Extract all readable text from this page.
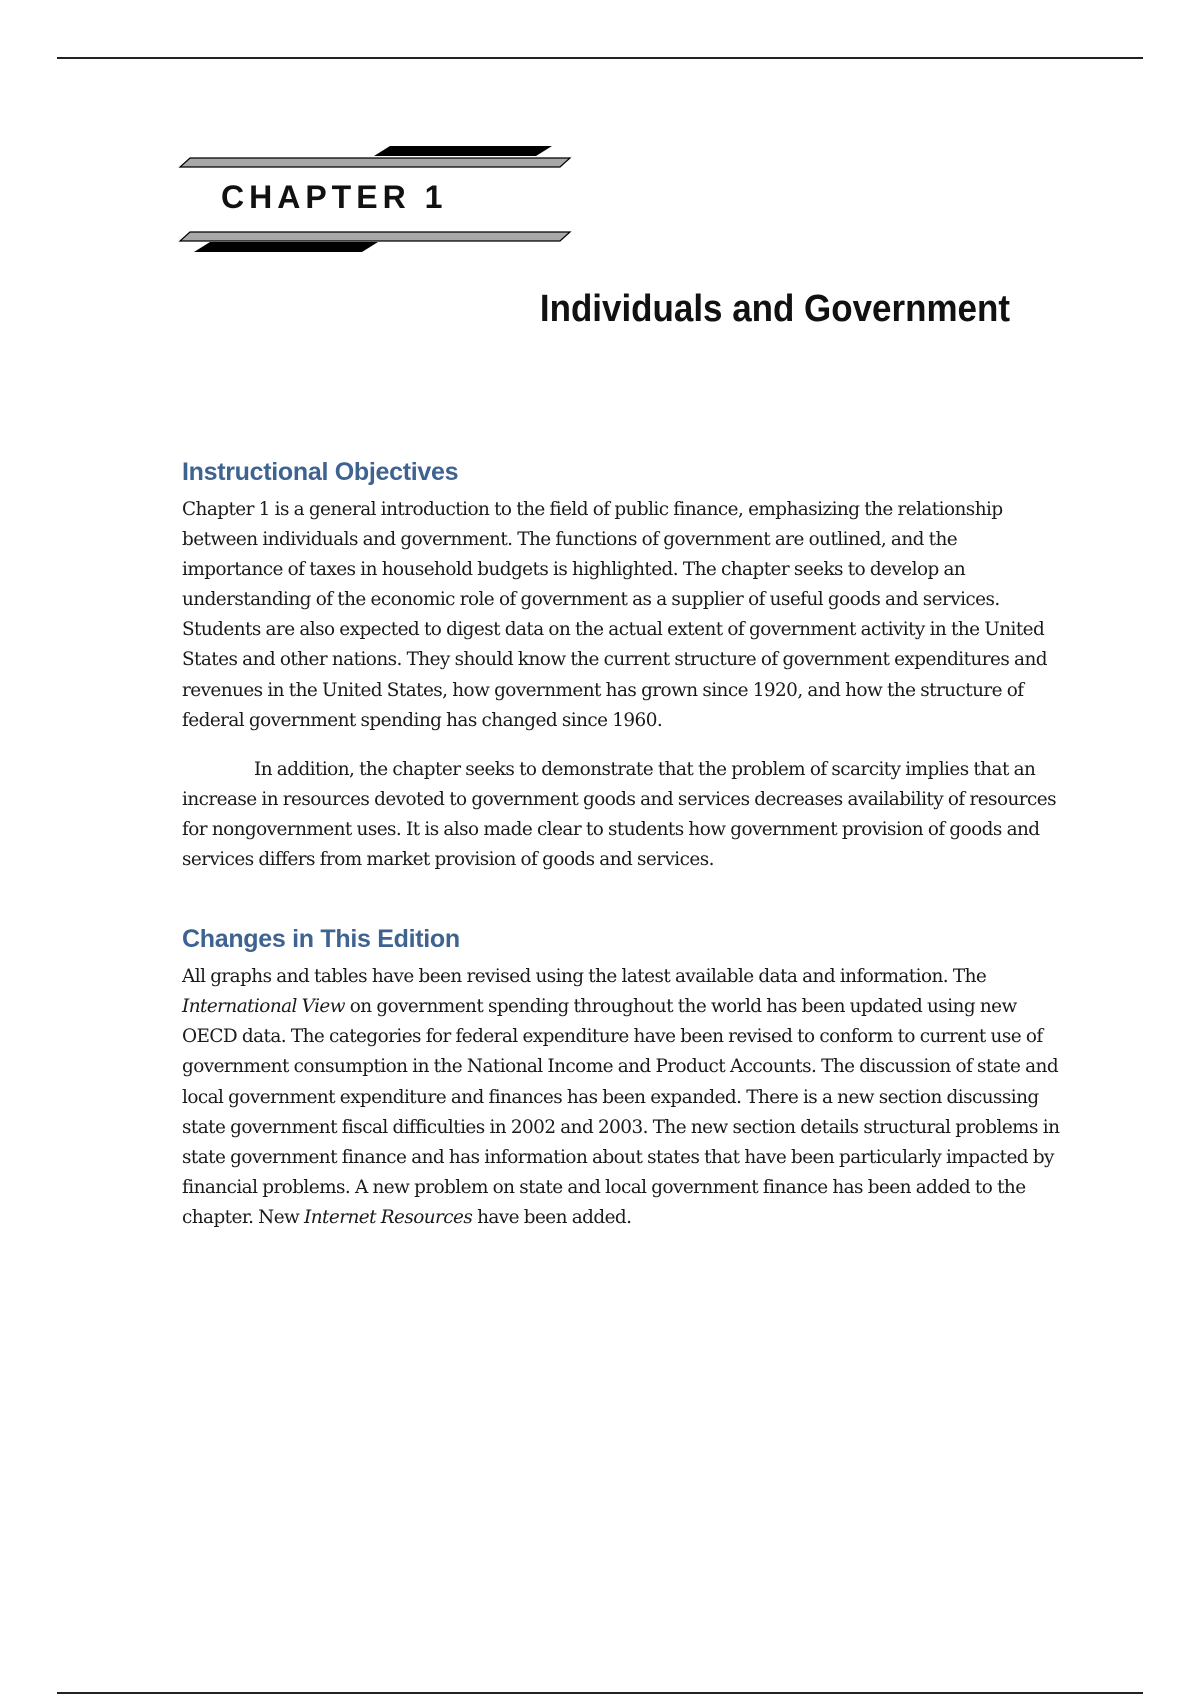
CHAPTER 1
Individuals and Government
Instructional Objectives

Chapter 1 is a general introduction to the field of public finance, emphasizing the relationship between individuals and government. The functions of government are outlined, and the importance of taxes in household budgets is highlighted. The chapter seeks to develop an understanding of the economic role of government as a supplier of useful goods and services. Students are also expected to digest data on the actual extent of government activity in the United States and other nations. They should know the current structure of government expenditures and revenues in the United States, how government has grown since 1920, and how the structure of federal government spending has changed since 1960.

In addition, the chapter seeks to demonstrate that the problem of scarcity implies that an increase in resources devoted to government goods and services decreases availability of resources for nongovernment uses. It is also made clear to students how government provision of goods and services differs from market provision of goods and services.

Changes in This Edition

All graphs and tables have been revised using the latest available data and information. The International View on government spending throughout the world has been updated using new OECD data. The categories for federal expenditure have been revised to conform to current use of government consumption in the National Income and Product Accounts. The discussion of state and local government expenditure and finances has been expanded. There is a new section discussing state government fiscal difficulties in 2002 and 2003. The new section details structural problems in state government finance and has information about states that have been particularly impacted by financial problems. A new problem on state and local government finance has been added to the chapter. New Internet Resources have been added.
